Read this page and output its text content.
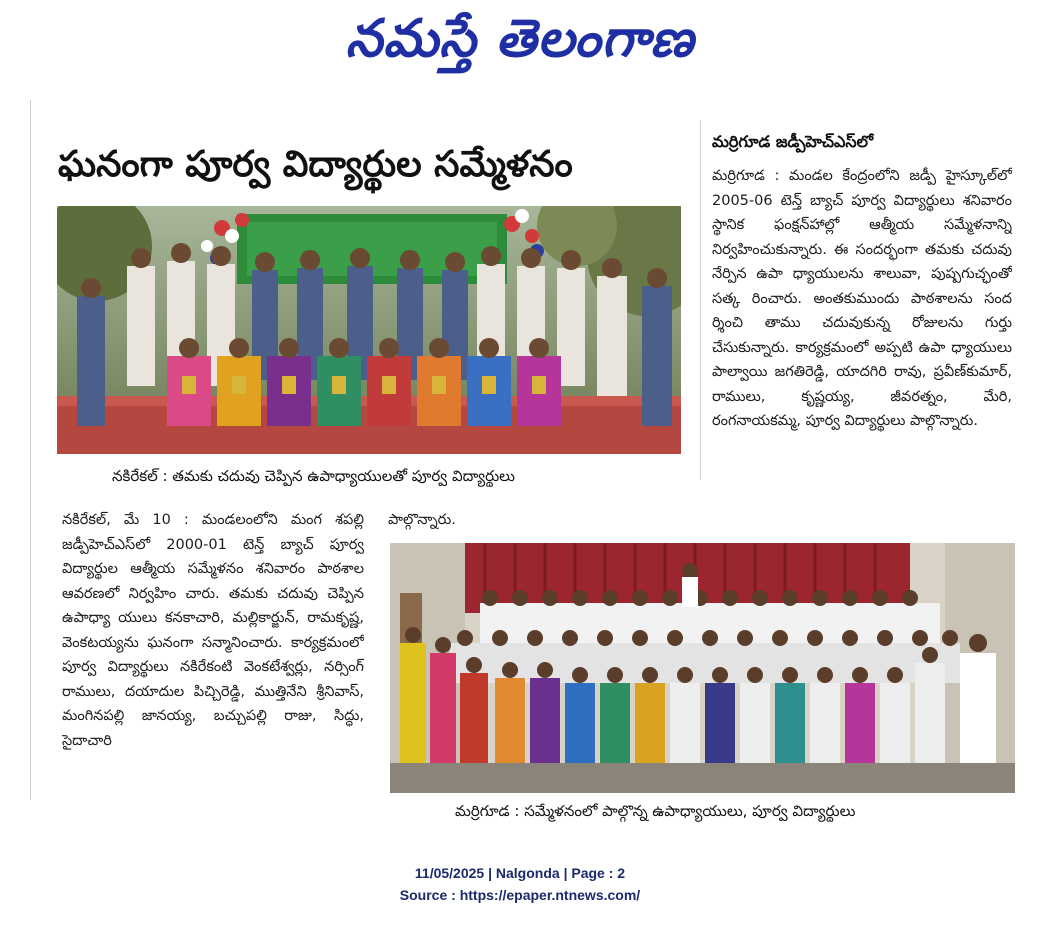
నమస్తే తెలంగాణ
ఘనంగా పూర్వ విద్యార్థుల సమ్మేళనం
నకిరేకల్ : తమకు చదువు చెప్పిన ఉపాధ్యాయులతో పూర్వ విద్యార్థులు
నకిరేకల్, మే 10 : మండలంలోని మంగ శపల్లి జడ్పీహెచ్ఎస్‌లో 2000-01 టెన్త్ బ్యాచ్ పూర్వ విద్యార్థుల ఆత్మీయ సమ్మేళనం శనివారం పాఠశాల ఆవరణలో నిర్వహిం చారు. తమకు చదువు చెప్పిన ఉపాధ్యా యులు కనకాచారి, మల్లికార్జున్, రామకృష్ణ, వెంకటయ్యను ఘనంగా సన్మానించారు. కార్యక్రమంలో పూర్వ విద్యార్థులు నకిరేకంటి వెంకటేశ్వర్లు, నర్సింగ్ రాములు, దయాదుల పిచ్చిరెడ్డి, ముత్తినేని శ్రీనివాస్, మంగినపల్లి జానయ్య, బచ్చుపల్లి రాజు, సిద్ధు, సైదాచారి
పాల్గొన్నారు.
మర్రిగూడ జడ్పీహెచ్ఎస్‌లో
మర్రిగూడ : మండల కేంద్రంలోని జడ్పీ హైస్కూల్‌లో 2005-06 టెన్త్ బ్యాచ్ పూర్వ విద్యార్థులు శనివారం స్థానిక ఫంక్షన్‌హాల్లో ఆత్మీయ సమ్మేళనాన్ని నిర్వహించుకున్నారు. ఈ సందర్భంగా తమకు చదువు నేర్పిన ఉపా ధ్యాయులను శాలువా, పుష్పగుచ్ఛంతో సత్క రించారు. అంతకుముందు పాఠశాలను సంద ర్శించి తాము చదువుకున్న రోజులను గుర్తు చేసుకున్నారు. కార్యక్రమంలో అప్పటి ఉపా ధ్యాయులు పాల్వాయి జగతిరెడ్డి, యాదగిరి రావు, ప్రవీణ్‌కుమార్, రాములు, కృష్ణయ్య, జీవరత్నం, మేరి, రంగనాయకమ్మ, పూర్వ విద్యార్థులు పాల్గొన్నారు.
మర్రిగూడ : సమ్మేళనంలో పాల్గొన్న ఉపాధ్యాయులు, పూర్వ విద్యార్థులు
11/05/2025 | Nalgonda | Page : 2
Source : https://epaper.ntnews.com/
